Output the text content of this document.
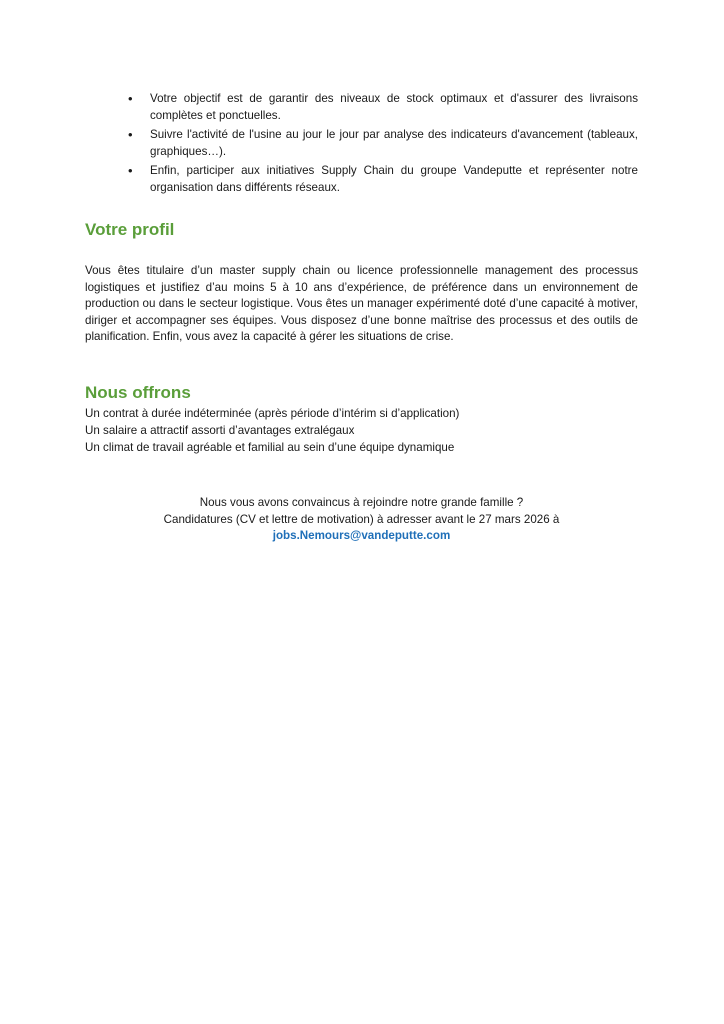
• Votre objectif est de garantir des niveaux de stock optimaux et d'assurer des livraisons complètes et ponctuelles.
• Suivre l'activité de l'usine au jour le jour par analyse des indicateurs d'avancement (tableaux, graphiques…).
• Enfin, participer aux initiatives Supply Chain du groupe Vandeputte et représenter notre organisation dans différents réseaux.
Votre profil

Vous êtes titulaire d’un master supply chain ou licence professionnelle management des processus logistiques et justifiez d’au moins 5 à 10 ans d’expérience, de préférence dans un environnement de production ou dans le secteur logistique. Vous êtes un manager expérimenté doté d’une capacité à motiver, diriger et accompagner ses équipes. Vous disposez d’une bonne maîtrise des processus et des outils de planification. Enfin, vous avez la capacité à gérer les situations de crise.

Nous offrons
Un contrat à durée indéterminée (après période d’intérim si d’application)
Un salaire a attractif assorti d’avantages extralégaux
Un climat de travail agréable et familial au sein d’une équipe dynamique
Nous vous avons convaincus à rejoindre notre grande famille ?
Candidatures (CV et lettre de motivation) à adresser avant le 27 mars 2026 à
jobs.Nemours@vandeputte.com
